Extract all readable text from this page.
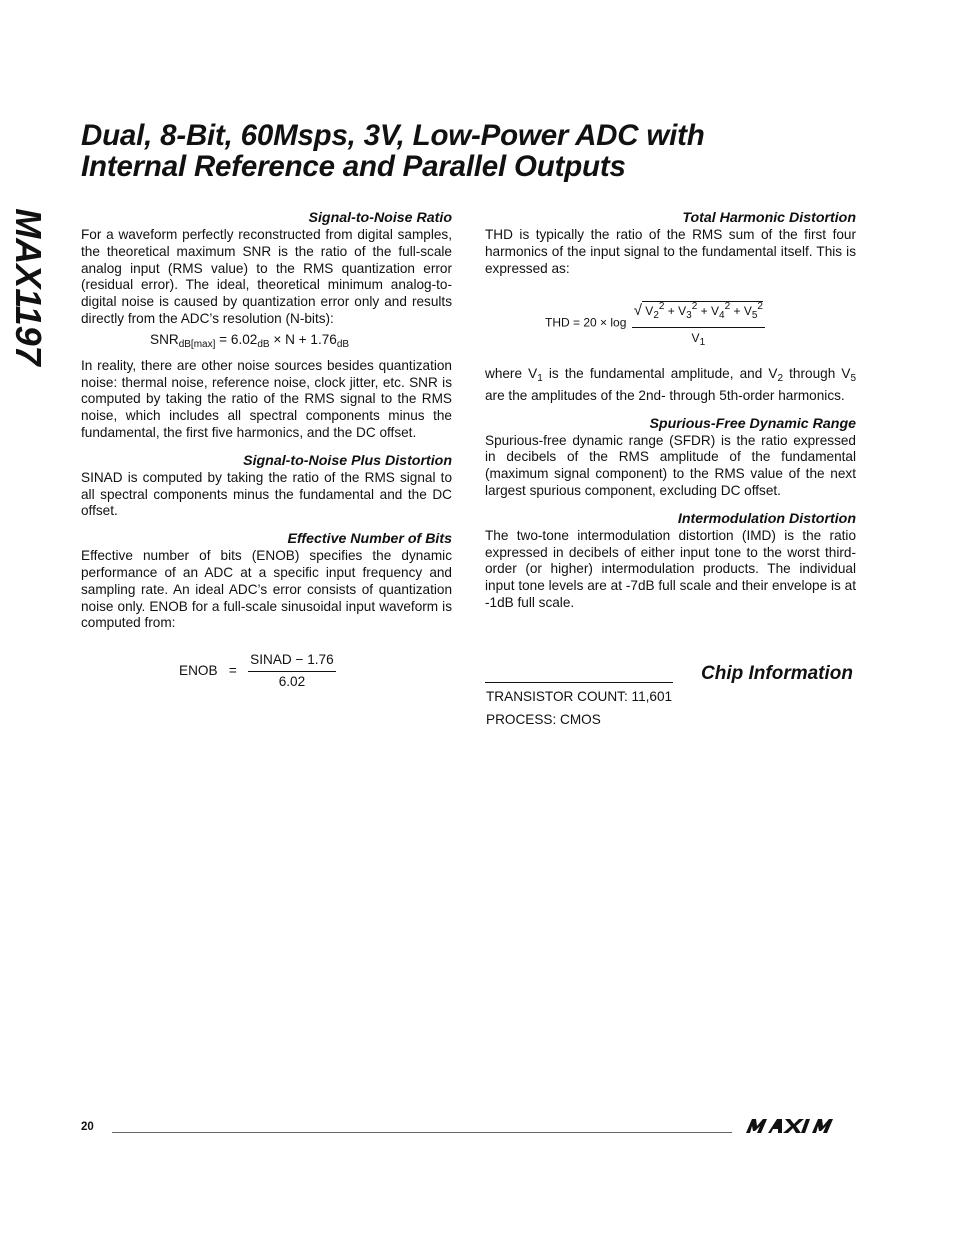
Dual, 8-Bit, 60Msps, 3V, Low-Power ADC with
Internal Reference and Parallel Outputs
MAX1197	Signal-to-Noise Ratio

For a waveform perfectly reconstructed from digital samples, the theoretical maximum SNR is the ratio of the full-scale analog input (RMS value) to the RMS quantization error (residual error). The ideal, theoretical minimum analog-to-digital noise is caused by quantization error only and results directly from the ADC’s resolution (N-bits):

$SNR_{dB[max]} = 6.02_{dB} \times N + 1.76_{dB}$

In reality, there are other noise sources besides quantization noise: thermal noise, reference noise, clock jitter, etc. SNR is computed by taking the ratio of the RMS signal to the RMS noise, which includes all spectral components minus the fundamental, the first five harmonics, and the DC offset.

Signal-to-Noise Plus Distortion

SINAD is computed by taking the ratio of the RMS signal to all spectral components minus the fundamental and the DC offset.

Effective Number of Bits

Effective number of bits (ENOB) specifies the dynamic performance of an ADC at a specific input frequency and sampling rate. An ideal ADC’s error consists of quantization noise only. ENOB for a full-scale sinusoidal input waveform is computed from:

ENOB = $\frac{\text{SINAD − 1.76}}{6.02}$
Total Harmonic Distortion

THD is typically the ratio of the RMS sum of the first four harmonics of the input signal to the fundamental itself. This is expressed as:

THD = 20 × log
√ $V_2^2 + V_3^2 + V_4^2 + V_5^2$
$V_1$

where $V_1$ is the fundamental amplitude, and $V_2$ through $V_5$ are the amplitudes of the 2nd- through 5th-order harmonics.

Spurious-Free Dynamic Range

Spurious-free dynamic range (SFDR) is the ratio expressed in decibels of the RMS amplitude of the fundamental (maximum signal component) to the RMS value of the next largest spurious component, excluding DC offset.

Intermodulation Distortion

The two-tone intermodulation distortion (IMD) is the ratio expressed in decibels of either input tone to the worst third-order (or higher) intermodulation products. The individual input tone levels are at -7dB full scale and their envelope is at -1dB full scale.

Chip Information
TRANSISTOR COUNT: 11,601
PROCESS: CMOS
20
